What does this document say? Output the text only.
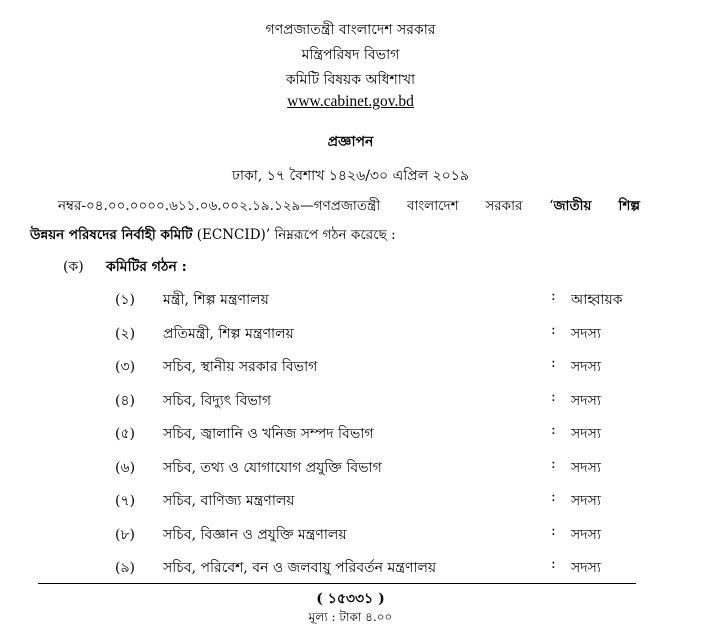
গণপ্রজাতন্ত্রী বাংলাদেশ সরকার
মন্ত্রিপরিষদ বিভাগ
কমিটি বিষয়ক অধিশাখা
www.cabinet.gov.bd
প্রজ্ঞাপন
ঢাকা, ১৭ বৈশাখ ১৪২৬/৩০ এপ্রিল ২০১৯
নম্বর-০৪.০০.০০০০.৬১১.০৬.০০২.১৯.১২৯—গণপ্রজাতন্ত্রী বাংলাদেশ সরকার ‘জাতীয় শিল্প
উন্নয়ন পরিষদের নির্বাহী কমিটি (ECNCID)’ নিম্নরূপে গঠন করেছে :
(ক) কমিটির গঠন :
(১) মন্ত্রী, শিল্প মন্ত্রণালয়	: আহ্বায়ক
(২) প্রতিমন্ত্রী, শিল্প মন্ত্রণালয়	: সদস্য
(৩) সচিব, স্থানীয় সরকার বিভাগ	: সদস্য
(৪) সচিব, বিদ্যুৎ বিভাগ	: সদস্য
(৫) সচিব, জ্বালানি ও খনিজ সম্পদ বিভাগ	: সদস্য
(৬) সচিব, তথ্য ও যোগাযোগ প্রযুক্তি বিভাগ	: সদস্য
(৭) সচিব, বাণিজ্য মন্ত্রণালয়	: সদস্য
(৮) সচিব, বিজ্ঞান ও প্রযুক্তি মন্ত্রণালয়	: সদস্য
(৯) সচিব, পরিবেশ, বন ও জলবায়ু পরিবর্তন মন্ত্রণালয়	: সদস্য
( ১৫৩৩১ )
মূল্য : টাকা ৪.০০
